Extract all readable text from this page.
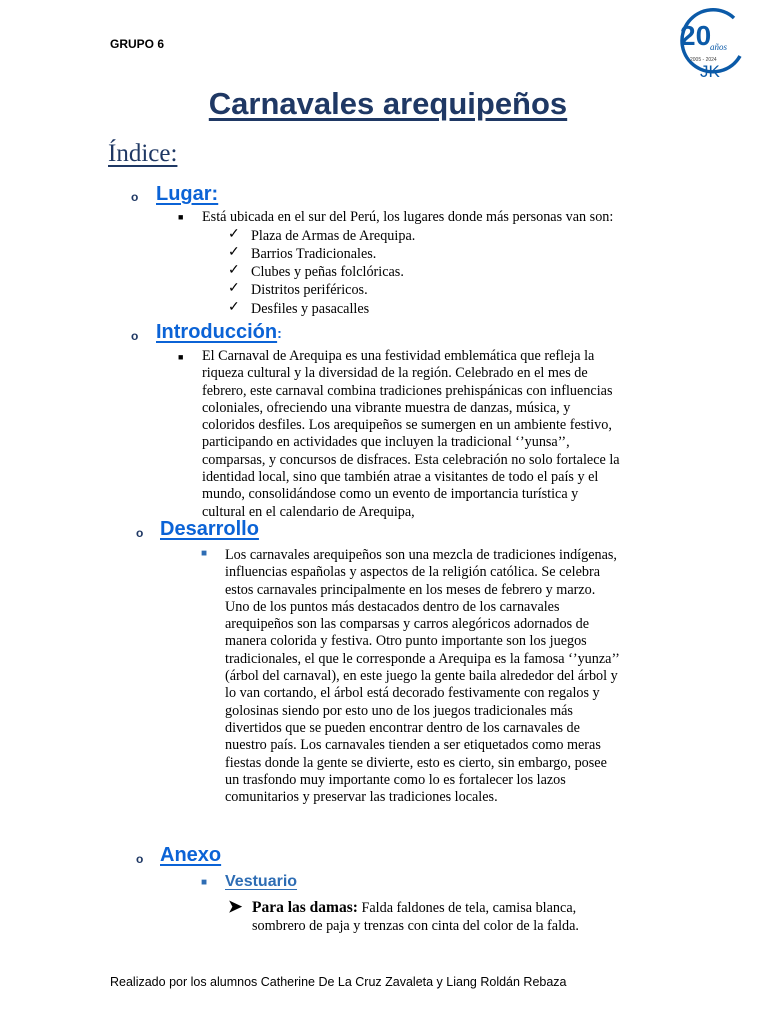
GRUPO 6	20
años
2005 - 2024
JK
Carnavales arequipeños
Índice:
o Lugar:
■ Está ubicada en el sur del Perú, los lugares donde más personas van son:
✓ Plaza de Armas de Arequipa.
✓ Barrios Tradicionales.
✓ Clubes y peñas folclóricas.
✓ Distritos periféricos.
✓ Desfiles y pasacalles
o Introducción:
■ El Carnaval de Arequipa es una festividad emblemática que refleja la
riqueza cultural y la diversidad de la región. Celebrado en el mes de
febrero, este carnaval combina tradiciones prehispánicas con influencias
coloniales, ofreciendo una vibrante muestra de danzas, música, y
coloridos desfiles. Los arequipeños se sumergen en un ambiente festivo,
participando en actividades que incluyen la tradicional ‘’yunsa’’,
comparsas, y concursos de disfraces. Esta celebración no solo fortalece la
identidad local, sino que también atrae a visitantes de todo el país y el
mundo, consolidándose como un evento de importancia turística y
cultural en el calendario de Arequipa,
o Desarrollo
■ Los carnavales arequipeños son una mezcla de tradiciones indígenas,
influencias españolas y aspectos de la religión católica. Se celebra
estos carnavales principalmente en los meses de febrero y marzo.
Uno de los puntos más destacados dentro de los carnavales
arequipeños son las comparsas y carros alegóricos adornados de
manera colorida y festiva. Otro punto importante son los juegos
tradicionales, el que le corresponde a Arequipa es la famosa ‘’yunza’’
(árbol del carnaval), en este juego la gente baila alrededor del árbol y
lo van cortando, el árbol está decorado festivamente con regalos y
golosinas siendo por esto uno de los juegos tradicionales más
divertidos que se pueden encontrar dentro de los carnavales de
nuestro país. Los carnavales tienden a ser etiquetados como meras
fiestas donde la gente se divierte, esto es cierto, sin embargo, posee
un trasfondo muy importante como lo es fortalecer los lazos
comunitarios y preservar las tradiciones locales.
o Anexo
■ Vestuario
➤ Para las damas: Falda faldones de tela, camisa blanca,
sombrero de paja y trenzas con cinta del color de la falda.
Realizado por los alumnos Catherine De La Cruz Zavaleta y Liang Roldán Rebaza
